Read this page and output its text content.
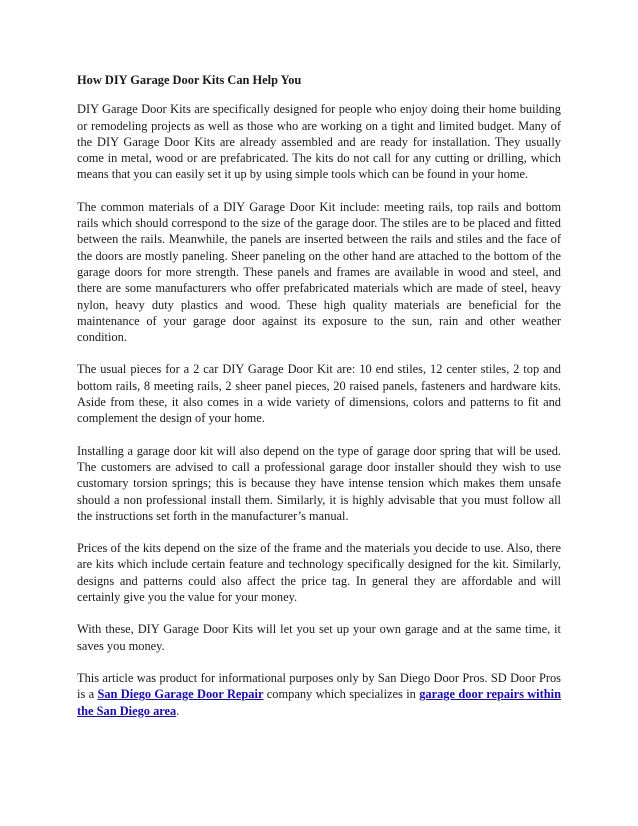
How DIY Garage Door Kits Can Help You

DIY Garage Door Kits are specifically designed for people who enjoy doing their home building or remodeling projects as well as those who are working on a tight and limited budget. Many of the DIY Garage Door Kits are already assembled and are ready for installation. They usually come in metal, wood or are prefabricated. The kits do not call for any cutting or drilling, which means that you can easily set it up by using simple tools which can be found in your home.

The common materials of a DIY Garage Door Kit include: meeting rails, top rails and bottom rails which should correspond to the size of the garage door. The stiles are to be placed and fitted between the rails. Meanwhile, the panels are inserted between the rails and stiles and the face of the doors are mostly paneling. Sheer paneling on the other hand are attached to the bottom of the garage doors for more strength. These panels and frames are available in wood and steel, and there are some manufacturers who offer prefabricated materials which are made of steel, heavy nylon, heavy duty plastics and wood. These high quality materials are beneficial for the maintenance of your garage door against its exposure to the sun, rain and other weather condition.

The usual pieces for a 2 car DIY Garage Door Kit are: 10 end stiles, 12 center stiles, 2 top and bottom rails, 8 meeting rails, 2 sheer panel pieces, 20 raised panels, fasteners and hardware kits. Aside from these, it also comes in a wide variety of dimensions, colors and patterns to fit and complement the design of your home.

Installing a garage door kit will also depend on the type of garage door spring that will be used. The customers are advised to call a professional garage door installer should they wish to use customary torsion springs; this is because they have intense tension which makes them unsafe should a non professional install them. Similarly, it is highly advisable that you must follow all the instructions set forth in the manufacturer’s manual.

Prices of the kits depend on the size of the frame and the materials you decide to use. Also, there are kits which include certain feature and technology specifically designed for the kit. Similarly, designs and patterns could also affect the price tag. In general they are affordable and will certainly give you the value for your money.

With these, DIY Garage Door Kits will let you set up your own garage and at the same time, it saves you money.

This article was product for informational purposes only by San Diego Door Pros. SD Door Pros is a San Diego Garage Door Repair company which specializes in garage door repairs within the San Diego area.
